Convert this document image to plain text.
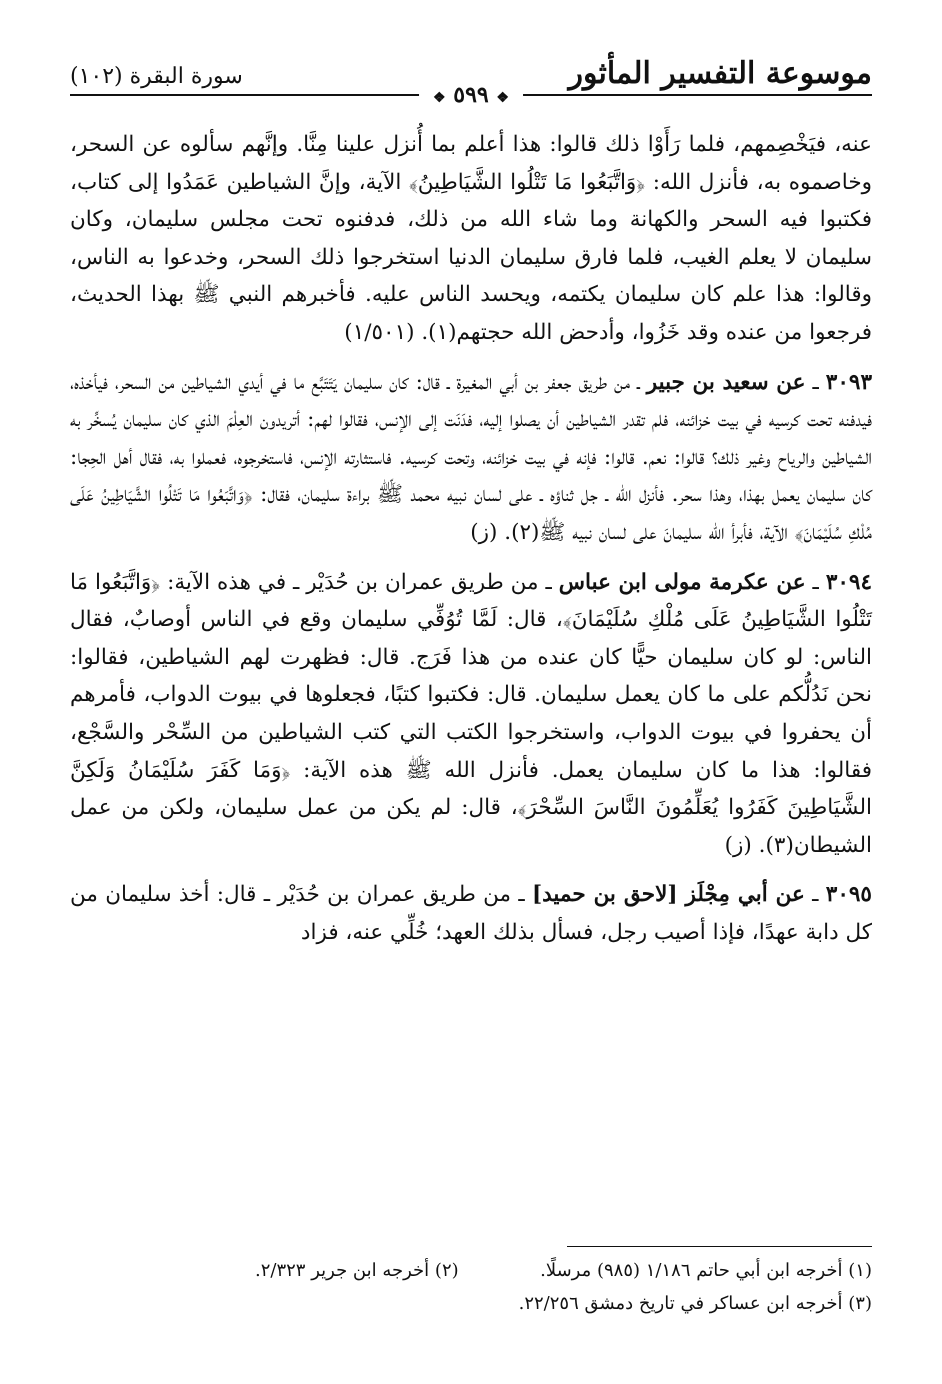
موسوعة التفسير المأثور
سورة البقرة (١٠٢)
❖ ٥٩٩ ❖

عنه، فيَخْصِمهم، فلما رَأَوْا ذلك قالوا: هذا أعلم بما أُنزل علينا مِنَّا. وإنَّهم سألوه عن السحر، وخاصموه به، فأنزل الله: ﴿وَاتَّبَعُوا مَا تَتْلُوا الشَّيَاطِينُ﴾ الآية، وإنَّ الشياطين عَمَدُوا إلى كتاب، فكتبوا فيه السحر والكهانة وما شاء الله من ذلك، فدفنوه تحت مجلس سليمان، وكان سليمان لا يعلم الغيب، فلما فارق سليمان الدنيا استخرجوا ذلك السحر، وخدعوا به الناس، وقالوا: هذا علم كان سليمان يكتمه، ويحسد الناس عليه. فأخبرهم النبي ﷺ بهذا الحديث، فرجعوا من عنده وقد خَزُوا، وأدحض الله حجتهم(١). (١/٥٠١)

٣٠٩٣ ـ عن سعيد بن جبير ـ من طريق جعفر بن أبي المغيرة ـ قال: كان سليمان يَتَتَبَّع ما في أيدي الشياطين من السحر، فيأخذه، فيدفنه تحت كرسيه في بيت خزائنه، فلم تقدر الشياطين أن يصلوا إليه، فدَنَت إلى الإنس، فقالوا لهم: أتريدون العِلْمَ الذي كان سليمان يُسخِّر به الشياطين والرياح وغير ذلك؟ قالوا: نعم. قالوا: فإنه في بيت خزائنه، وتحت كرسيه. فاستثارته الإنس، فاستخرجوه، فعملوا به، فقال أهل الحِجا: كان سليمان يعمل بهذا، وهذا سحر. فأنزل الله ـ جل ثناؤه ـ على لسان نبيه محمد ﷺ براءة سليمان، فقال: ﴿وَاتَّبَعُوا مَا تَتْلُوا الشَّيَاطِينُ عَلَى مُلْكِ سُلَيْمَانَ﴾ الآية، فأبرأ الله سليمانَ على لسان نبيه ﷺ(٢). (ز)

٣٠٩٤ ـ عن عكرمة مولى ابن عباس ـ من طريق عمران بن حُدَيْر ـ في هذه الآية: ﴿وَاتَّبَعُوا مَا تَتْلُوا الشَّيَاطِينُ عَلَى مُلْكِ سُلَيْمَانَ﴾، قال: لَمَّا تُوُفِّي سليمان وقع في الناس أوصابٌ، فقال الناس: لو كان سليمان حيًّا كان عنده من هذا فَرَج. قال: فظهرت لهم الشياطين، فقالوا: نحن نَدُلُّكم على ما كان يعمل سليمان. قال: فكتبوا كتبًا، فجعلوها في بيوت الدواب، فأمرهم أن يحفروا في بيوت الدواب، واستخرجوا الكتب التي كتب الشياطين من السِّحْر والسَّجْع، فقالوا: هذا ما كان سليمان يعمل. فأنزل الله ﷺ هذه الآية: ﴿وَمَا كَفَرَ سُلَيْمَانُ وَلَكِنَّ الشَّيَاطِينَ كَفَرُوا يُعَلِّمُونَ النَّاسَ السِّحْرَ﴾، قال: لم يكن من عمل سليمان، ولكن من عمل الشيطان(٣). (ز)

٣٠٩٥ ـ عن أبي مِجْلَز [لاحق بن حميد] ـ من طريق عمران بن حُدَيْر ـ قال: أخذ سليمان من كل دابة عهدًا، فإذا أصيب رجل، فسأل بذلك العهد؛ خُلِّي عنه، فزاد

(١) أخرجه ابن أبي حاتم ١/١٨٦ (٩٨٥) مرسلًا.  (٢) أخرجه ابن جرير ٢/٣٢٣.
(٣) أخرجه ابن عساكر في تاريخ دمشق ٢٢/٢٥٦.
